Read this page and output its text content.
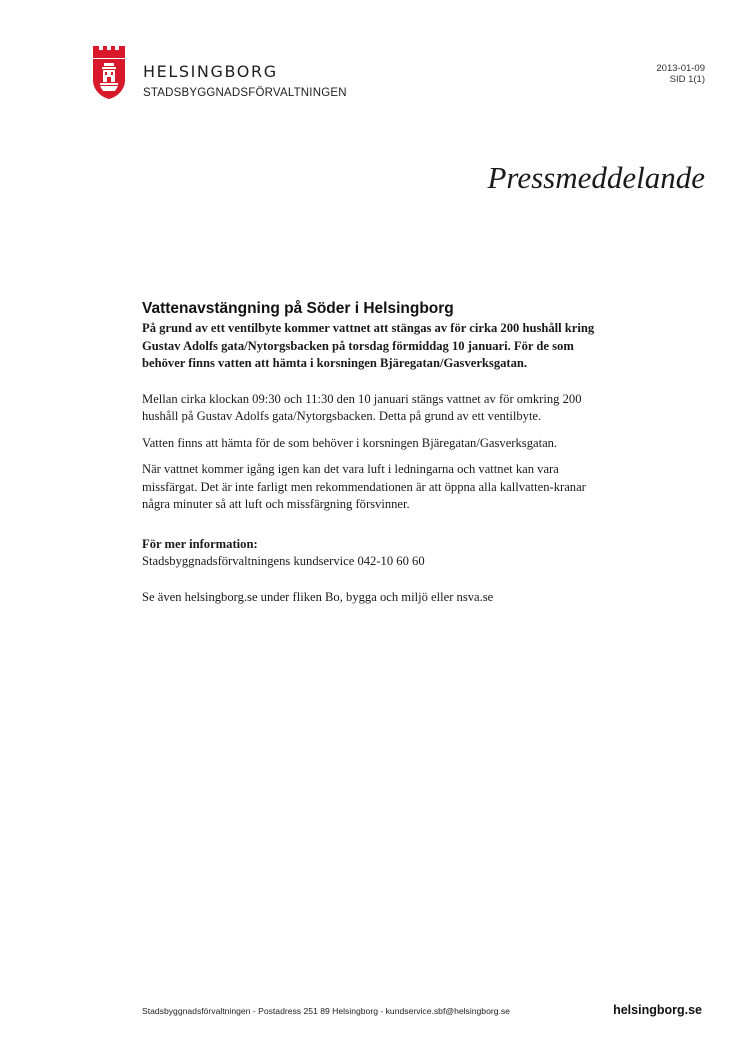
HELSINGBORG
STADSBYGGNADSFÖRVALTNINGEN
2013-01-09
SID 1(1)
Pressmeddelande
Vattenavstängning på Söder i Helsingborg

På grund av ett ventilbyte kommer vattnet att stängas av för cirka 200 hushåll kring Gustav Adolfs gata/Nytorgsbacken på torsdag förmiddag 10 januari. För de som behöver finns vatten att hämta i korsningen Bjäregatan/Gasverksgatan.

Mellan cirka klockan 09:30 och 11:30 den 10 januari stängs vattnet av för omkring 200 hushåll på Gustav Adolfs gata/Nytorgsbacken. Detta på grund av ett ventilbyte.

Vatten finns att hämta för de som behöver i korsningen Bjäregatan/Gasverksgatan.

När vattnet kommer igång igen kan det vara luft i ledningarna och vattnet kan vara missfärgat. Det är inte farligt men rekommendationen är att öppna alla kallvatten-kranar några minuter så att luft och missfärgning försvinner.

För mer information:
Stadsbyggnadsförvaltningens kundservice 042-10 60 60
Se även helsingborg.se under fliken Bo, bygga och miljö eller nsva.se
Stadsbyggnadsförvaltningen - Postadress 251 89 Helsingborg - kundservice.sbf@helsingborg.se	helsingborg.se
